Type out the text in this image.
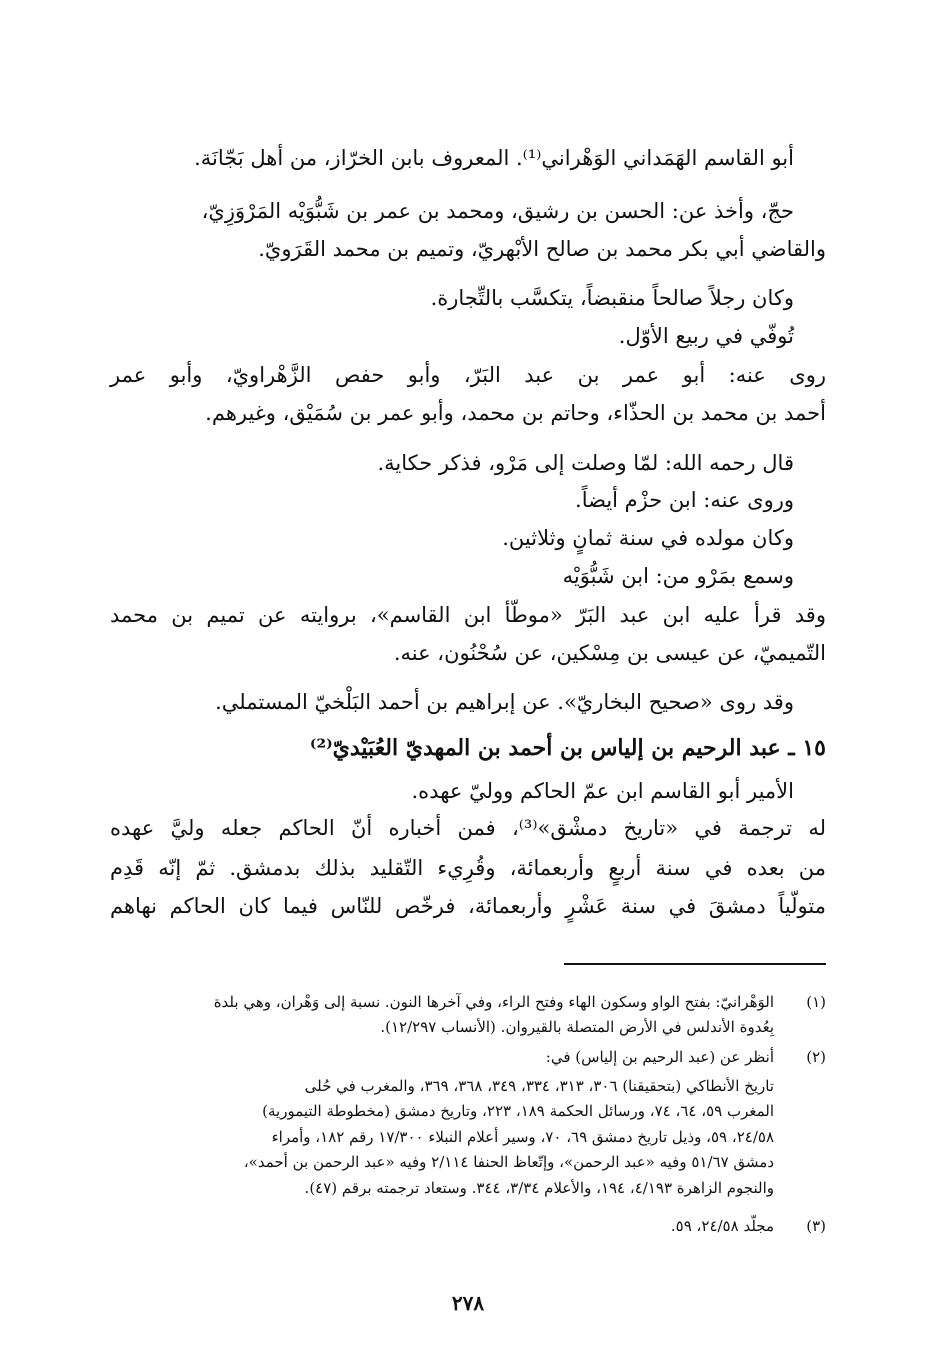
أبو القاسم الهَمَداني الوَهْراني⁽¹⁾. المعروف بابن الخرّاز، من أهل بَجّانَة.
حجّ، وأخذ عن: الحسن بن رشيق، ومحمد بن عمر بن شَبُّوَيْه المَرْوَزِيّ،
والقاضي أبي بكر محمد بن صالح الأبْهريّ، وتميم بن محمد القَرَويّ.
وكان رجلاً صالحاً منقبضاً، يتكسَّب بالتِّجارة.
تُوفّي في ربيع الأوّل.
روى عنه: أبو عمر بن عبد البَرّ، وأبو حفص الزَّهْراويّ، وأبو عمر
أحمد بن محمد بن الحذّاء، وحاتم بن محمد، وأبو عمر بن سُمَيْق، وغيرهم.
قال رحمه الله: لمّا وصلت إلى مَرْو، فذكر حكاية.
وروى عنه: ابن حزْم أيضاً.
وكان مولده في سنة ثمانٍ وثلاثين.
وسمع بمَرْو من: ابن شَبُّوَيْه
وقد قرأ عليه ابن عبد البَرّ «موطّأ ابن القاسم»، بروايته عن تميم بن محمد
التّميميّ، عن عيسى بن مِسْكين، عن سُحْنُون، عنه.
وقد روى «صحيح البخاريّ». عن إبراهيم بن أحمد البَلْخيّ المستملي.
١٥ ـ عبد الرحيم بن إلياس بن أحمد بن المهديّ العُبَيْديّ⁽²⁾
الأمير أبو القاسم ابن عمّ الحاكم ووليّ عهده.
له ترجمة في «تاريخ دمشْق»⁽³⁾، فمن أخباره أنّ الحاكم جعله وليَّ عهده
من بعده في سنة أربعٍ وأربعمائة، وقُرِيء التّقليد بذلك بدمشق. ثمّ إنّه قَدِم
متولّياً دمشقَ في سنة عَشْرٍ وأربعمائة، فرخّص للنّاس فيما كان الحاكم نهاهم
(١)
الوَهْرانيّ: بفتح الواو وسكون الهاء وفتح الراء، وفي آخرها النون. نسبة إلى وَهْران، وهي بلدة
بِعُدوة الأندلس في الأرض المتصلة بالقيروان. (الأنساب ١٢/٢٩٧).
(٢)
أنظر عن (عبد الرحيم بن إلياس) في:
تاريخ الأنطاكي (بتحقيقنا) ٣٠٦، ٣١٣، ٣٣٤، ٣٤٩، ٣٦٨، ٣٦٩، والمغرب في حُلى
المغرب ٥٩، ٦٤، ٧٤، ورسائل الحكمة ١٨٩، ٢٢٣، وتاريخ دمشق (مخطوطة التيمورية)
٢٤/٥٨، ٥٩، وذيل تاريخ دمشق ٦٩، ٧٠، وسير أعلام النبلاء ١٧/٣٠٠ رقم ١٨٢، وأمراء
دمشق ٥١/٦٧ وفيه «عبد الرحمن»، وإتّعاظ الحنفا ٢/١١٤ وفيه «عبد الرحمن بن أحمد»،
والنجوم الزاهرة ٤/١٩٣، ١٩٤، والأعلام ٣/٣٤، ٣٤٤. وستعاد ترجمته برقم (٤٧).
(٣)
مجلّد ٢٤/٥٨، ٥٩.
٢٧٨
